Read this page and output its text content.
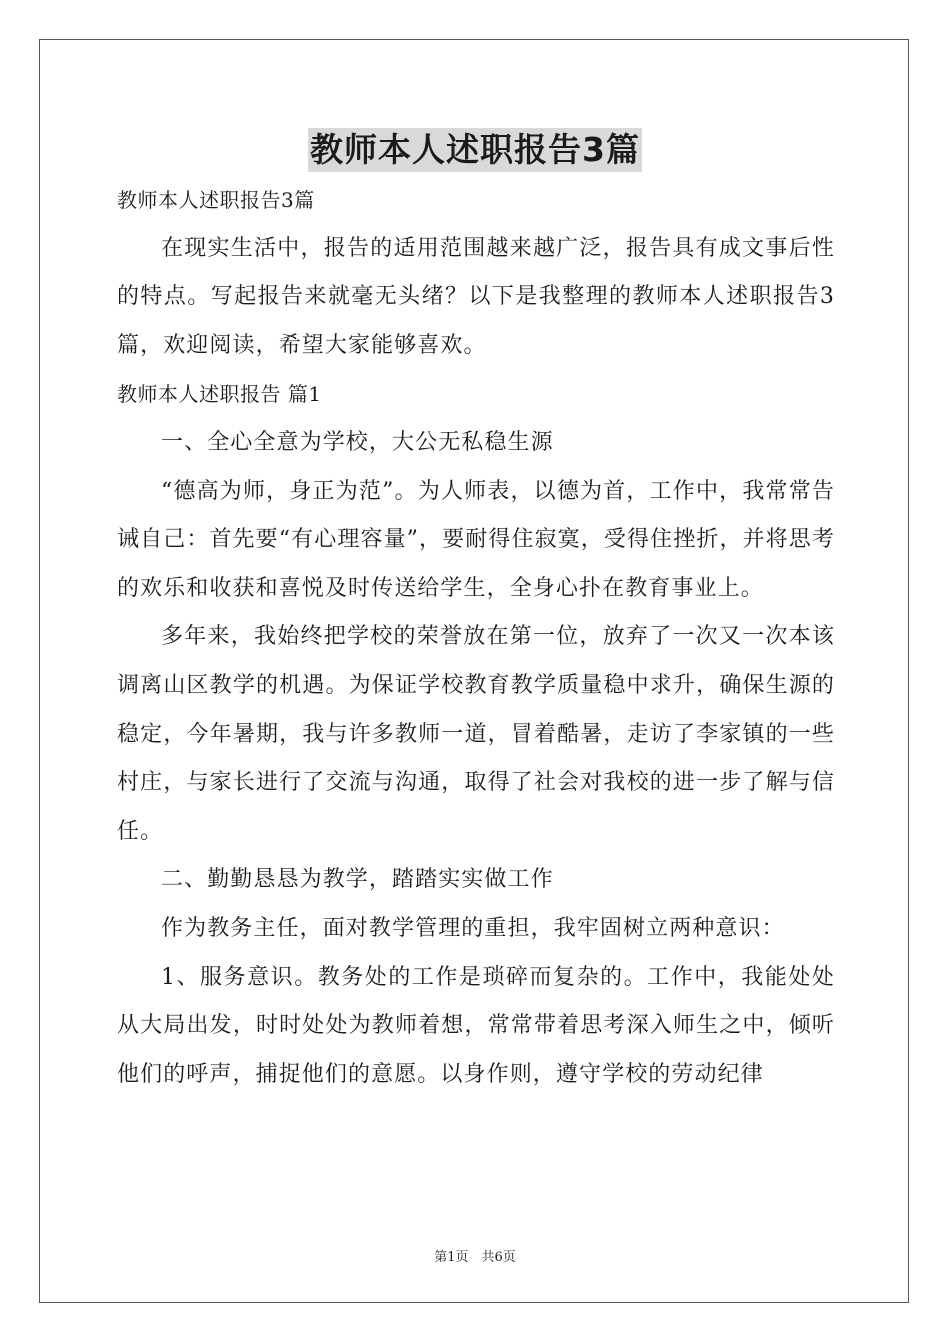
教师本人述职报告3篇

教师本人述职报告3篇

在现实生活中，报告的适用范围越来越广泛，报告具有成文事后性的特点。写起报告来就毫无头绪？以下是我整理的教师本人述职报告3篇，欢迎阅读，希望大家能够喜欢。

教师本人述职报告 篇1

一、全心全意为学校，大公无私稳生源

“德高为师，身正为范”。为人师表，以德为首，工作中，我常常告诫自己：首先要“有心理容量”，要耐得住寂寞，受得住挫折，并将思考的欢乐和收获和喜悦及时传送给学生，全身心扑在教育事业上。

多年来，我始终把学校的荣誉放在第一位，放弃了一次又一次本该调离山区教学的机遇。为保证学校教育教学质量稳中求升，确保生源的稳定，今年暑期，我与许多教师一道，冒着酷暑，走访了李家镇的一些村庄，与家长进行了交流与沟通，取得了社会对我校的进一步了解与信任。

二、勤勤恳恳为教学，踏踏实实做工作

作为教务主任，面对教学管理的重担，我牢固树立两种意识：

1、服务意识。教务处的工作是琐碎而复杂的。工作中，我能处处从大局出发，时时处处为教师着想，常常带着思考深入师生之中，倾听他们的呼声，捕捉他们的意愿。以身作则，遵守学校的劳动纪律

第1页　共6页
